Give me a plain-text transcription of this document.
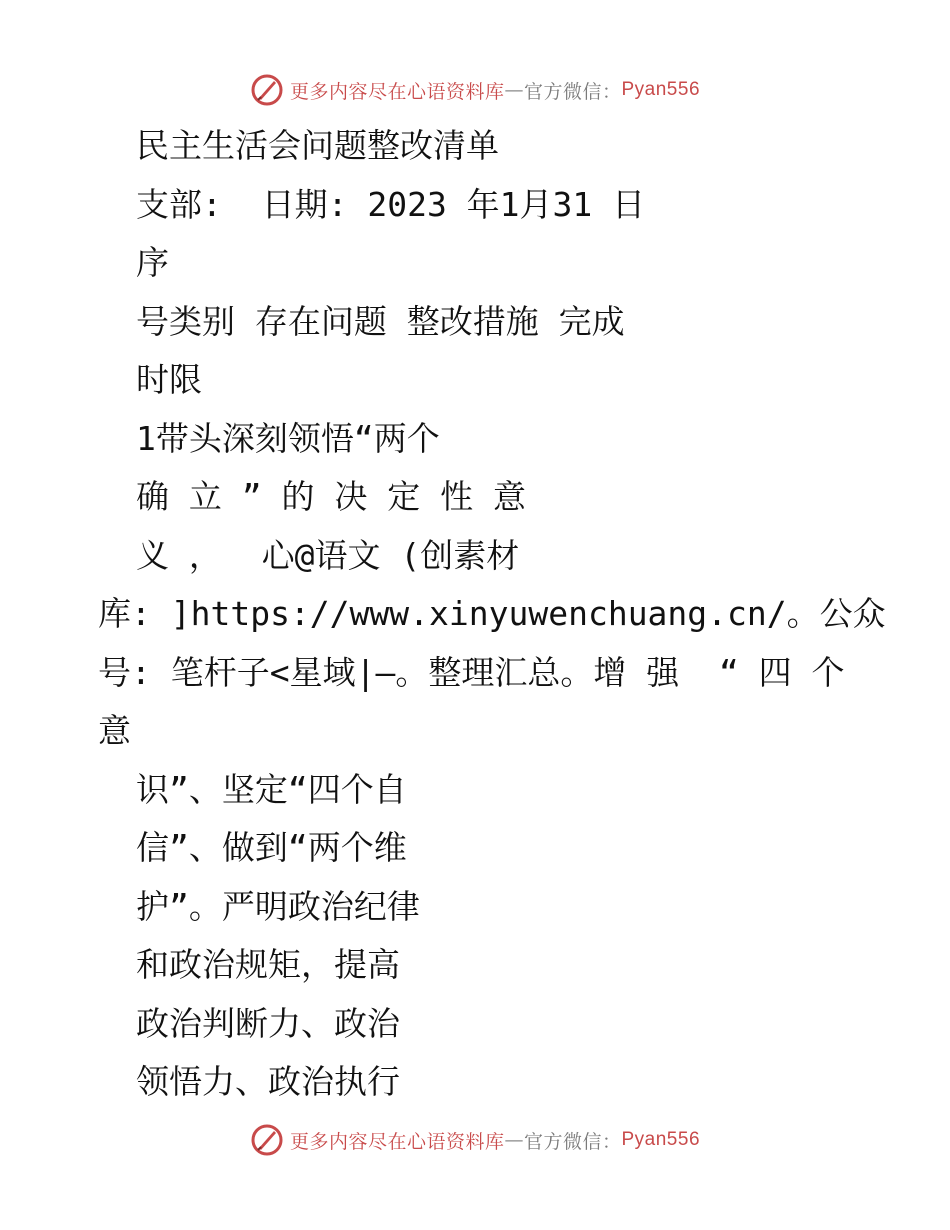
更多内容尽在心语资料库 — 官方微信： Pyan556
民主生活会问题整改清单
支部:  日期: 2023 年1月31 日
序
号类别 存在问题 整改措施 完成
时限
1带头深刻领悟“两个
确 立 ” 的 决 定 性 意
义 ，  心@语文 (创素材
库: ]https://www.xinyuwenchuang.cn/。公众
号: 笔杆子<星域|—。整理汇总。增 强  “ 四 个
意
识”、坚定“四个自
信”、做到“两个维
护”。严明政治纪律
和政治规矩，提高
政治判断力、政治
领悟力、政治执行
更多内容尽在心语资料库 — 官方微信： Pyan556
